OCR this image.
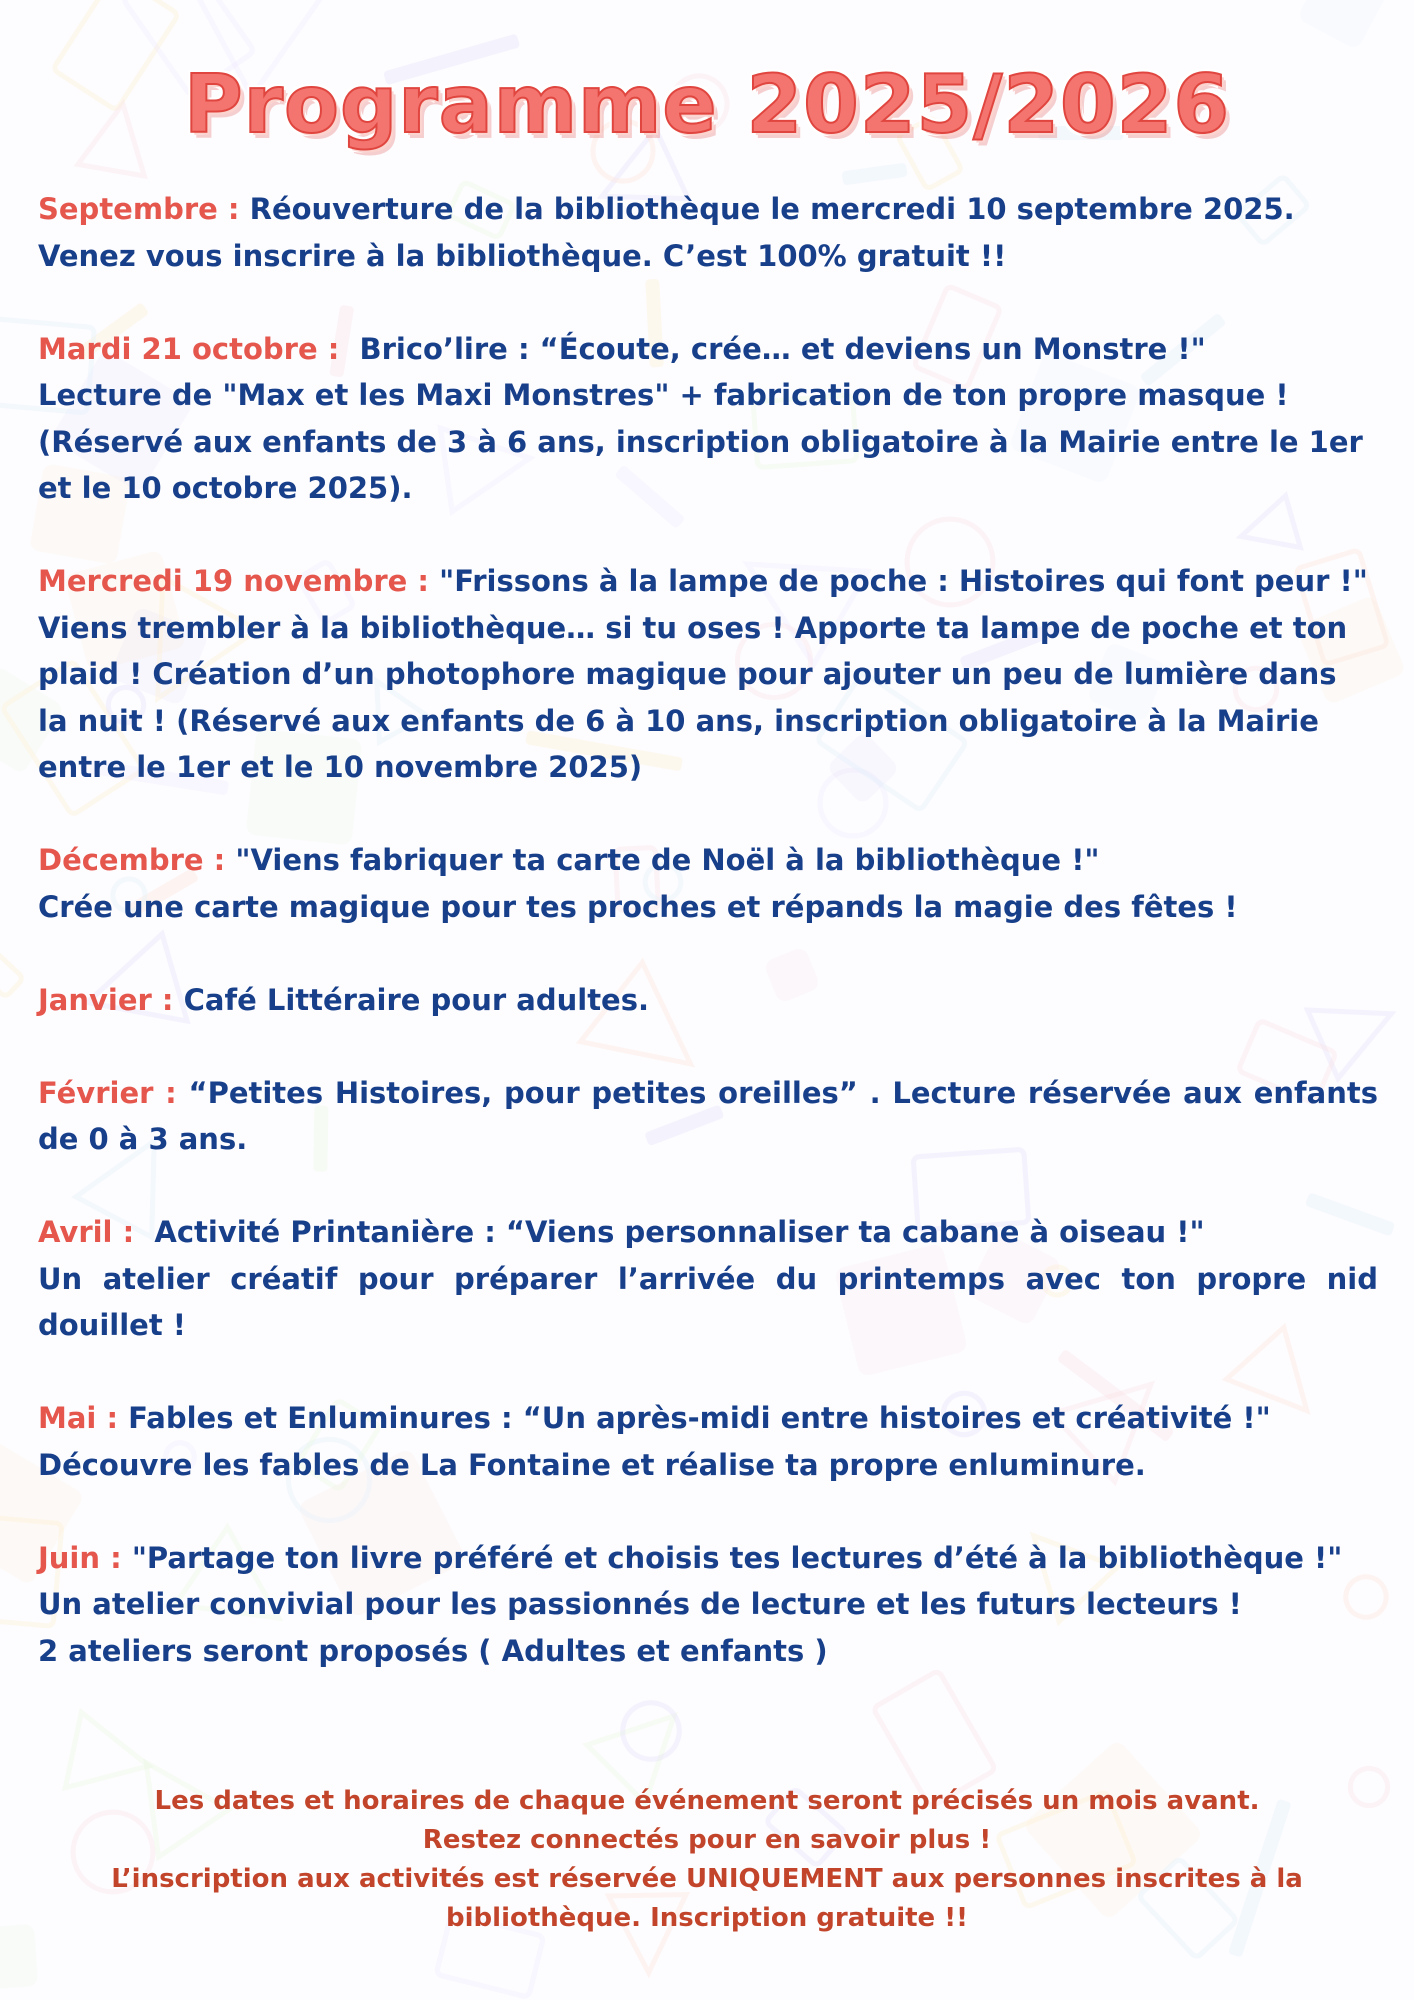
Programme 2025/2026
Septembre : Réouverture de la bibliothèque le mercredi 10 septembre 2025.
Venez vous inscrire à la bibliothèque. C’est 100% gratuit !!
Mardi 21 octobre : Brico’lire : “Écoute, crée… et deviens un Monstre !"
Lecture de "Max et les Maxi Monstres" + fabrication de ton propre masque !
(Réservé aux enfants de 3 à 6 ans, inscription obligatoire à la Mairie entre le 1er
et le 10 octobre 2025).
Mercredi 19 novembre : "Frissons à la lampe de poche : Histoires qui font peur !"
Viens trembler à la bibliothèque… si tu oses ! Apporte ta lampe de poche et ton
plaid ! Création d’un photophore magique pour ajouter un peu de lumière dans
la nuit ! (Réservé aux enfants de 6 à 10 ans, inscription obligatoire à la Mairie
entre le 1er et le 10 novembre 2025)
Décembre : "Viens fabriquer ta carte de Noël à la bibliothèque !"
Crée une carte magique pour tes proches et répands la magie des fêtes !
Janvier : Café Littéraire pour adultes.
Février : “Petites Histoires, pour petites oreilles” . Lecture réservée aux enfants
de 0 à 3 ans.
Avril : Activité Printanière : “Viens personnaliser ta cabane à oiseau !"
Un atelier créatif pour préparer l’arrivée du printemps avec ton propre nid
douillet !
Mai : Fables et Enluminures : “Un après-midi entre histoires et créativité !"
Découvre les fables de La Fontaine et réalise ta propre enluminure.
Juin : "Partage ton livre préféré et choisis tes lectures d’été à la bibliothèque !"
Un atelier convivial pour les passionnés de lecture et les futurs lecteurs !
2 ateliers seront proposés ( Adultes et enfants )
Les dates et horaires de chaque événement seront précisés un mois avant.
Restez connectés pour en savoir plus !
L’inscription aux activités est réservée UNIQUEMENT aux personnes inscrites à la
bibliothèque. Inscription gratuite !!
